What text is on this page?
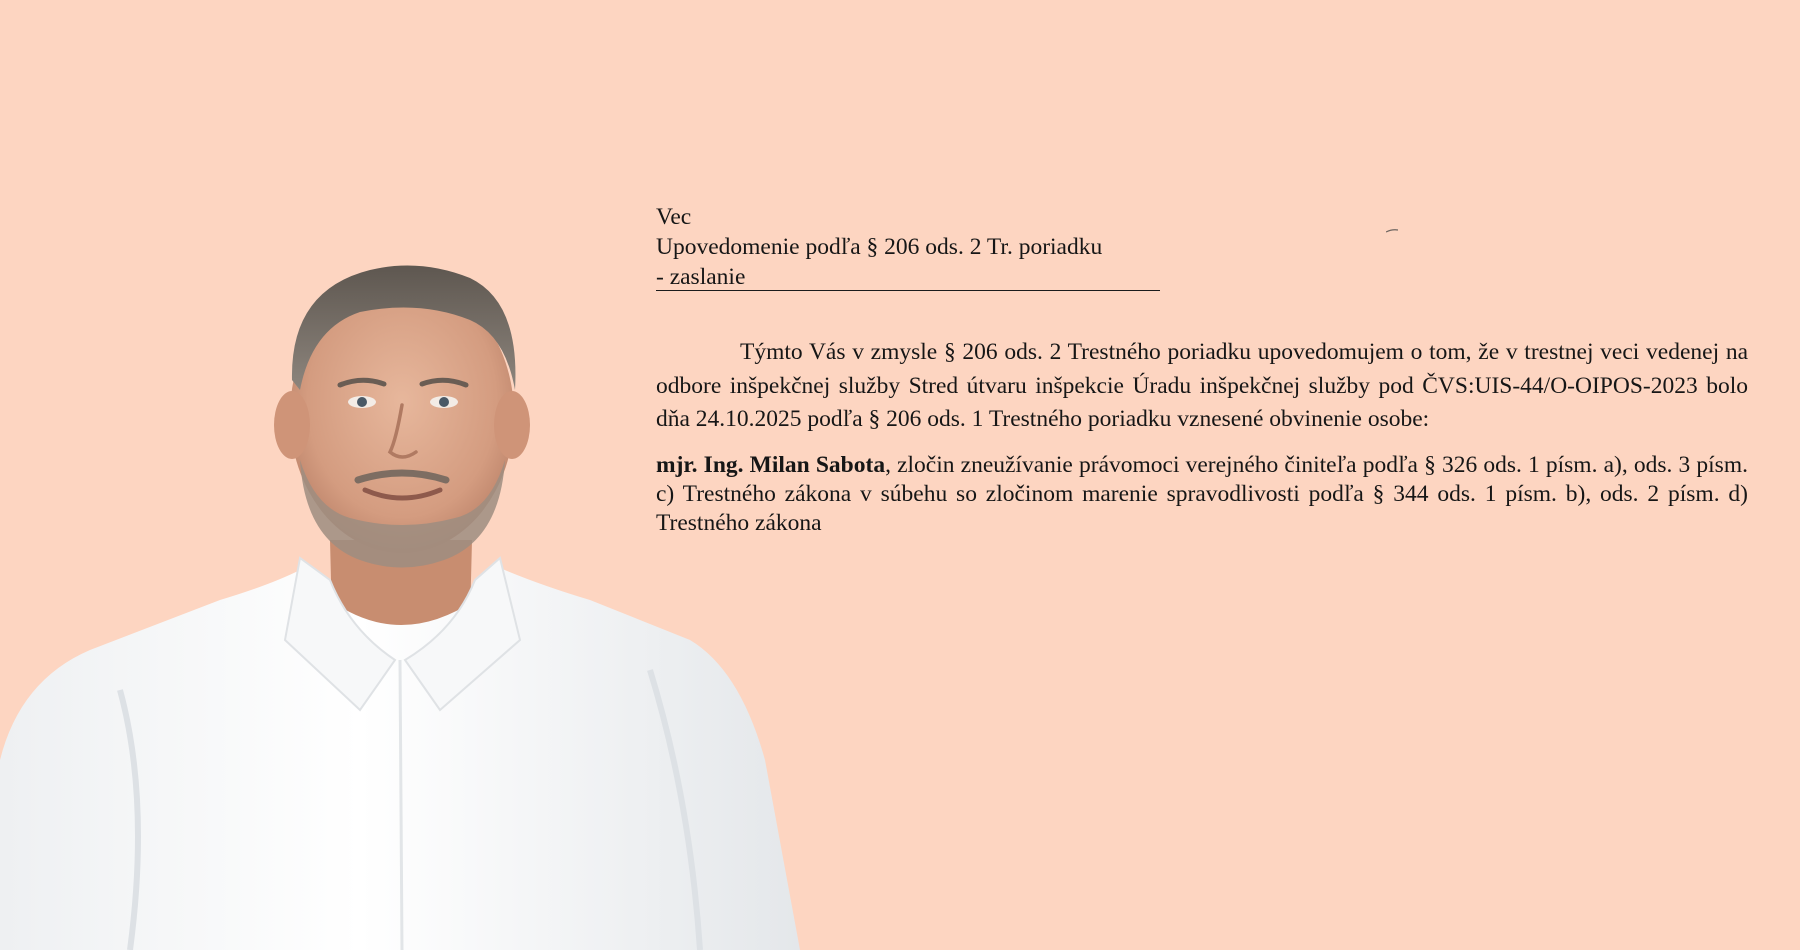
Vec
Upovedomenie podľa § 206 ods. 2 Tr. poriadku
- zaslanie

Týmto Vás v zmysle § 206 ods. 2 Trestného poriadku upovedomujem o tom, že v trestnej veci vedenej na odbore inšpekčnej služby Stred útvaru inšpekcie Úradu inšpekčnej služby pod ČVS:UIS-44/O-OIPOS-2023 bolo dňa 24.10.2025 podľa § 206 ods. 1 Trestného poriadku vznesené obvinenie osobe:

mjr. Ing. Milan Sabota, zločin zneužívanie právomoci verejného činiteľa podľa § 326 ods. 1 písm. a), ods. 3 písm. c) Trestného zákona v súbehu so zločinom marenie spravodlivosti podľa § 344 ods. 1 písm. b), ods. 2 písm. d) Trestného zákona
